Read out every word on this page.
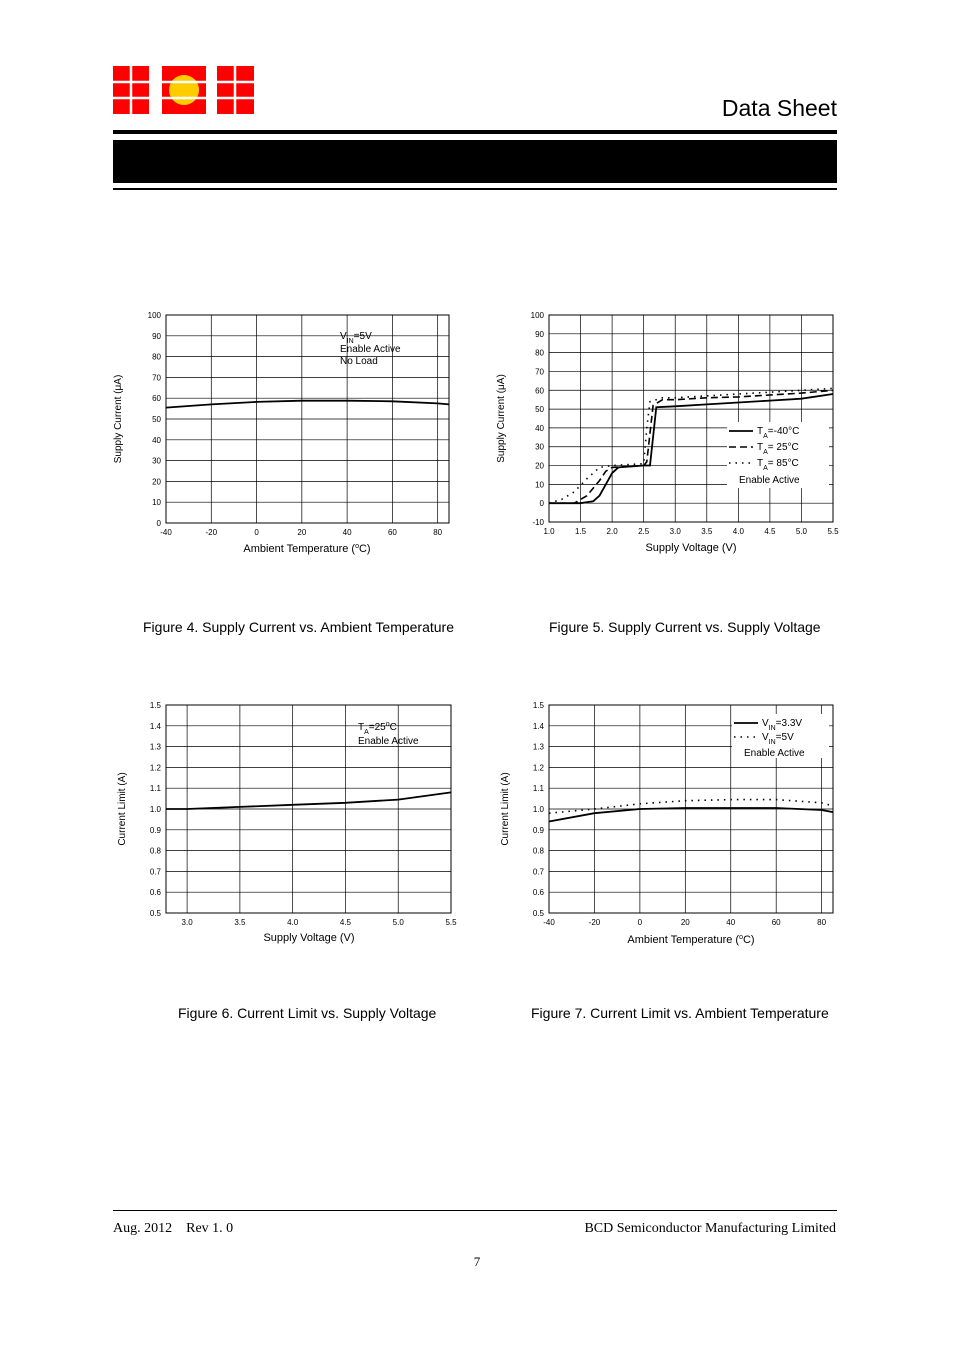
Data Sheet
Ambient Temperature ($^o$C)
0
10
20
30
40
50
60
70
80
90
100
-40	-20	0	20	40	60	80
Supply Current (μA)
$V_{IN}=5V$
Enable Active
No Load
Figure 4. Supply Current vs. Ambient Temperature
Supply Voltage (V)
-10
0
10
20
30
40
50
60
70
80
90
100
1.0	1.5	2.0	2.5	3.0	3.5	4.0	4.5	5.0	5.5
Supply Current (μA)	$T_A=-40^\circ C$
$T_A= 25^\circ C$
$T_A= 85^\circ C$
Enable Active
Figure 5. Supply Current vs. Supply Voltage
Supply Voltage (V)
0.5
0.6
0.7
0.8
0.9
1.0
1.1
1.2
1.3
1.4
1.5
3.0	3.5	4.0	4.5	5.0	5.5
Current Limit (A)
$T_A=25^oC$
Enable Active
Figure 6. Current Limit vs. Supply Voltage
Ambient Temperature ($^o$C)
0.5
0.6
0.7
0.8
0.9
1.0
1.1
1.2
1.3
1.4
1.5
-40	-20	0	20	40	60	80
Current Limit (A)
$V_{IN}=3.3V$
$V_{IN}=5V$
Enable Active
Figure 7. Current Limit vs. Ambient Temperature
Aug. 2012    Rev 1. 0	BCD Semiconductor Manufacturing Limited
7
